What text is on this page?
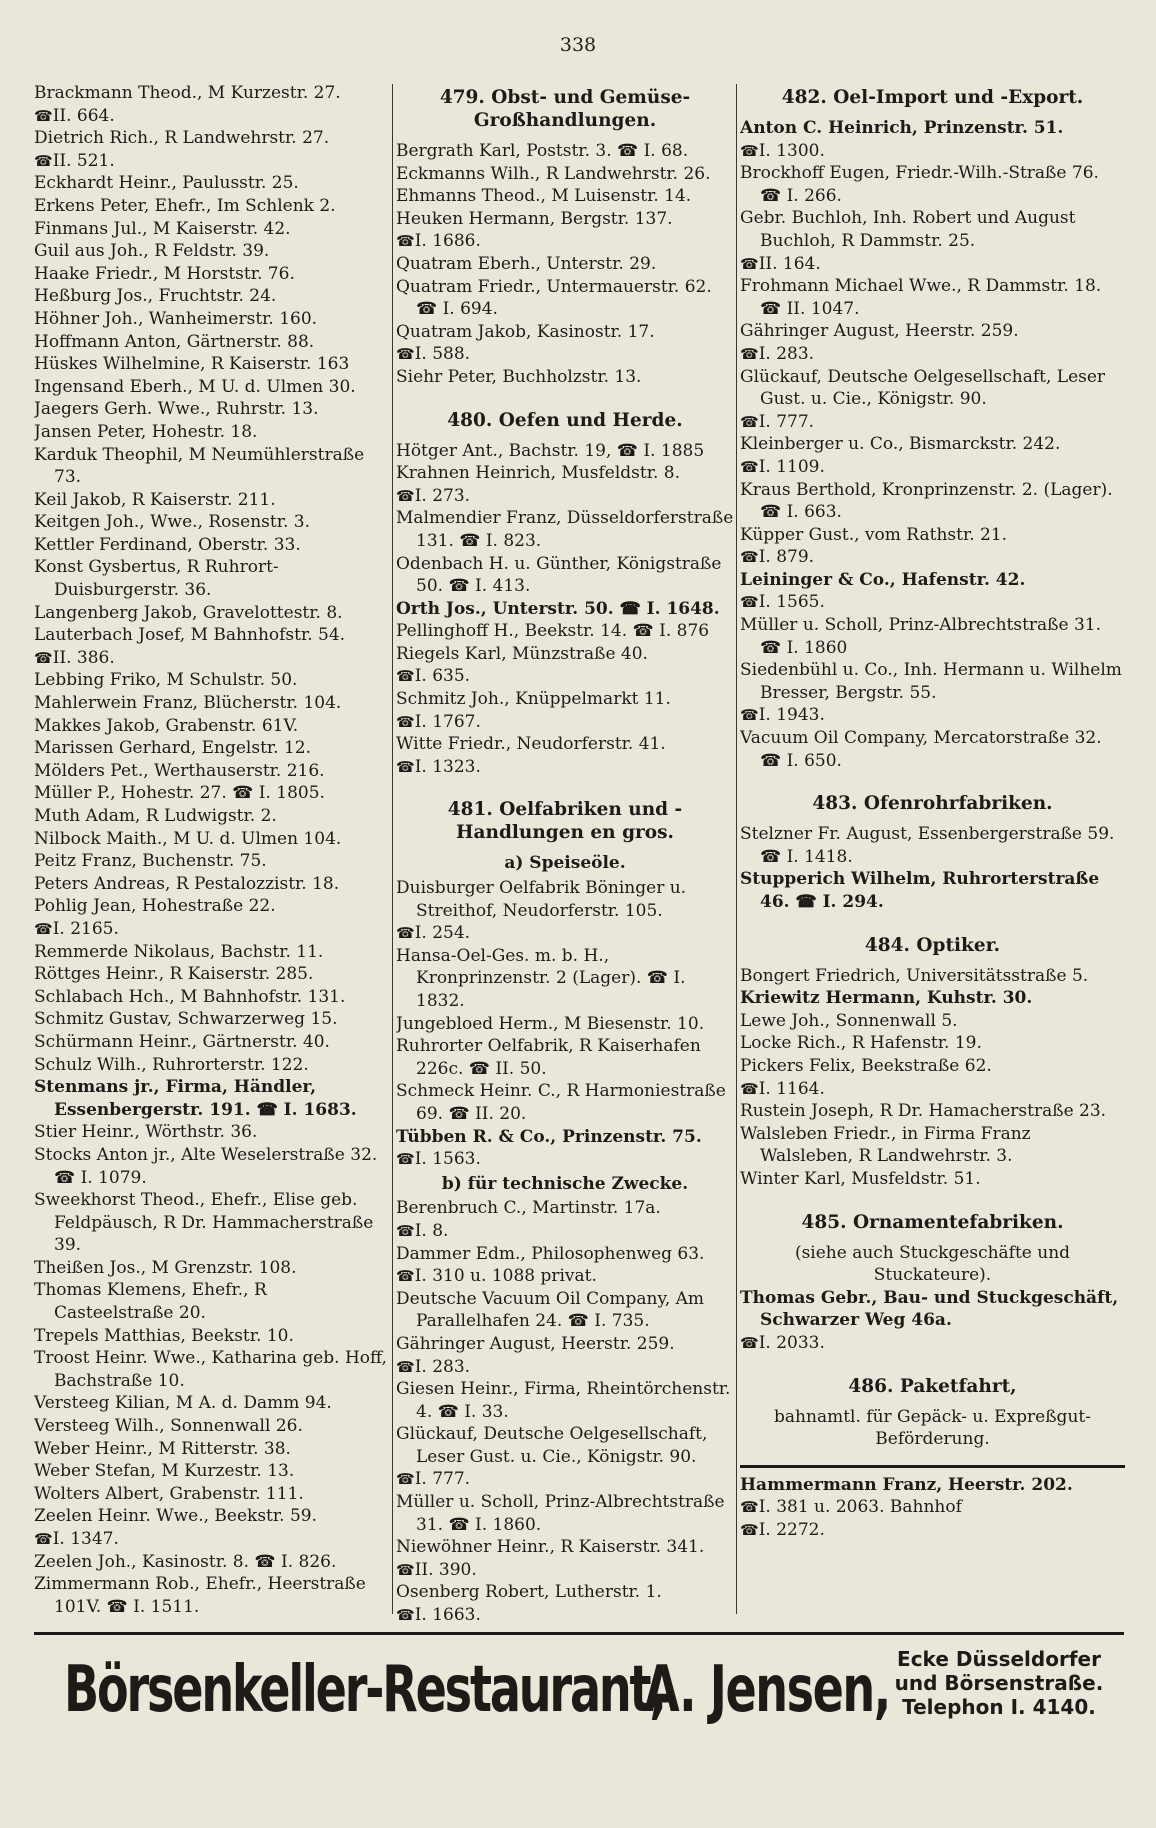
338
Brackmann Theod., M Kurzestr. 27.
☎ II. 664.
Dietrich Rich., R Landwehrstr. 27.
☎ II. 521.
Eckhardt Heinr., Paulusstr. 25.
Erkens Peter, Ehefr., Im Schlenk 2.
Finmans Jul., M Kaiserstr. 42.
Guil aus Joh., R Feldstr. 39.
Haake Friedr., M Horststr. 76.
Heßburg Jos., Fruchtstr. 24.
Höhner Joh., Wanheimerstr. 160.
Hoffmann Anton, Gärtnerstr. 88.
Hüskes Wilhelmine, R Kaiserstr. 163
Ingensand Eberh., M U. d. Ulmen 30.
Jaegers Gerh. Wwe., Ruhrstr. 13.
Jansen Peter, Hohestr. 18.
Karduk Theophil, M Neumühlerstraße 73.
Keil Jakob, R Kaiserstr. 211.
Keitgen Joh., Wwe., Rosenstr. 3.
Kettler Ferdinand, Oberstr. 33.
Konst Gysbertus, R Ruhrort-Duisburgerstr. 36.
Langenberg Jakob, Gravelottestr. 8.
Lauterbach Josef, M Bahnhofstr. 54.
☎ II. 386.
Lebbing Friko, M Schulstr. 50.
Mahlerwein Franz, Blücherstr. 104.
Makkes Jakob, Grabenstr. 61V.
Marissen Gerhard, Engelstr. 12.
Mölders Pet., Werthauserstr. 216.
Müller P., Hohestr. 27. ☎ I. 1805.
Muth Adam, R Ludwigstr. 2.
Nilbock Maith., M U. d. Ulmen 104.
Peitz Franz, Buchenstr. 75.
Peters Andreas, R Pestalozzistr. 18.
Pohlig Jean, Hohestraße 22.
☎ I. 2165.
Remmerde Nikolaus, Bachstr. 11.
Röttges Heinr., R Kaiserstr. 285.
Schlabach Hch., M Bahnhofstr. 131.
Schmitz Gustav, Schwarzerweg 15.
Schürmann Heinr., Gärtnerstr. 40.
Schulz Wilh., Ruhrorterstr. 122.
Stenmans jr., Firma, Händler, Essenbergerstr. 191. ☎ I. 1683.
Stier Heinr., Wörthstr. 36.
Stocks Anton jr., Alte Weselerstraße 32. ☎ I. 1079.
Sweekhorst Theod., Ehefr., Elise geb. Feldpäusch, R Dr. Hammacherstraße 39.
Theißen Jos., M Grenzstr. 108.
Thomas Klemens, Ehefr., R Casteelstraße 20.
Trepels Matthias, Beekstr. 10.
Troost Heinr. Wwe., Katharina geb. Hoff, Bachstraße 10.
Versteeg Kilian, M A. d. Damm 94.
Versteeg Wilh., Sonnenwall 26.
Weber Heinr., M Ritterstr. 38.
Weber Stefan, M Kurzestr. 13.
Wolters Albert, Grabenstr. 111.
Zeelen Heinr. Wwe., Beekstr. 59.
☎ I. 1347.
Zeelen Joh., Kasinostr. 8. ☎ I. 826.
Zimmermann Rob., Ehefr., Heerstraße 101V. ☎ I. 1511.
479. Obst- und Gemüse-Großhandlungen.
Bergrath Karl, Poststr. 3. ☎ I. 68.
Eckmanns Wilh., R Landwehrstr. 26.
Ehmanns Theod., M Luisenstr. 14.
Heuken Hermann, Bergstr. 137.
☎ I. 1686.
Quatram Eberh., Unterstr. 29.
Quatram Friedr., Untermauerstr. 62. ☎ I. 694.
Quatram Jakob, Kasinostr. 17.
☎ I. 588.
Siehr Peter, Buchholzstr. 13.
480. Oefen und Herde.
Hötger Ant., Bachstr. 19, ☎ I. 1885
Krahnen Heinrich, Musfeldstr. 8.
☎ I. 273.
Malmendier Franz, Düsseldorferstraße 131. ☎ I. 823.
Odenbach H. u. Günther, Königstraße 50. ☎ I. 413.
Orth Jos., Unterstr. 50. ☎ I. 1648.
Pellinghoff H., Beekstr. 14. ☎ I. 876
Riegels Karl, Münzstraße 40.
☎ I. 635.
Schmitz Joh., Knüppelmarkt 11.
☎ I. 1767.
Witte Friedr., Neudorferstr. 41.
☎ I. 1323.
481. Oelfabriken und -Handlungen en gros.
a) Speiseöle.
Duisburger Oelfabrik Böninger u. Streithof, Neudorferstr. 105.
☎ I. 254.
Hansa-Oel-Ges. m. b. H., Kronprinzenstr. 2 (Lager). ☎ I. 1832.
Jungebloed Herm., M Biesenstr. 10.
Ruhrorter Oelfabrik, R Kaiserhafen 226c. ☎ II. 50.
Schmeck Heinr. C., R Harmoniestraße 69. ☎ II. 20.
Tübben R. & Co., Prinzenstr. 75.
☎ I. 1563.
b) für technische Zwecke.
Berenbruch C., Martinstr. 17a.
☎ I. 8.
Dammer Edm., Philosophenweg 63.
☎ I. 310 u. 1088 privat.
Deutsche Vacuum Oil Company, Am Parallelhafen 24. ☎ I. 735.
Gähringer August, Heerstr. 259.
☎ I. 283.
Giesen Heinr., Firma, Rheintörchenstr. 4. ☎ I. 33.
Glückauf, Deutsche Oelgesellschaft, Leser Gust. u. Cie., Königstr. 90.
☎ I. 777.
Müller u. Scholl, Prinz-Albrechtstraße 31. ☎ I. 1860.
Niewöhner Heinr., R Kaiserstr. 341.
☎ II. 390.
Osenberg Robert, Lutherstr. 1.
☎ I. 1663.
482. Oel-Import und -Export.
Anton C. Heinrich, Prinzenstr. 51.
☎ I. 1300.
Brockhoff Eugen, Friedr.-Wilh.-Straße 76. ☎ I. 266.
Gebr. Buchloh, Inh. Robert und August Buchloh, R Dammstr. 25.
☎ II. 164.
Frohmann Michael Wwe., R Dammstr. 18. ☎ II. 1047.
Gähringer August, Heerstr. 259.
☎ I. 283.
Glückauf, Deutsche Oelgesellschaft, Leser Gust. u. Cie., Königstr. 90.
☎ I. 777.
Kleinberger u. Co., Bismarckstr. 242.
☎ I. 1109.
Kraus Berthold, Kronprinzenstr. 2. (Lager). ☎ I. 663.
Küpper Gust., vom Rathstr. 21.
☎ I. 879.
Leininger & Co., Hafenstr. 42.
☎ I. 1565.
Müller u. Scholl, Prinz-Albrechtstraße 31. ☎ I. 1860
Siedenbühl u. Co., Inh. Hermann u. Wilhelm Bresser, Bergstr. 55.
☎ I. 1943.
Vacuum Oil Company, Mercatorstraße 32. ☎ I. 650.
483. Ofenrohrfabriken.
Stelzner Fr. August, Essenbergerstraße 59. ☎ I. 1418.
Stupperich Wilhelm, Ruhrorterstraße 46. ☎ I. 294.
484. Optiker.
Bongert Friedrich, Universitätsstraße 5.
Kriewitz Hermann, Kuhstr. 30.
Lewe Joh., Sonnenwall 5.
Locke Rich., R Hafenstr. 19.
Pickers Felix, Beekstraße 62.
☎ I. 1164.
Rustein Joseph, R Dr. Hamacherstraße 23.
Walsleben Friedr., in Firma Franz Walsleben, R Landwehrstr. 3.
Winter Karl, Musfeldstr. 51.
485. Ornamentefabriken.
(siehe auch Stuckgeschäfte und Stuckateure).
Thomas Gebr., Bau- und Stuckgeschäft, Schwarzer Weg 46a.
☎ I. 2033.
486. Paketfahrt,
bahnamtl. für Gepäck- u. Expreßgut-Beförderung.
Hammermann Franz, Heerstr. 202.
☎ I. 381 u. 2063. Bahnhof
☎ I. 2272.
Börsenkeller-Restaurant,
A. Jensen, Ecke Düsseldorfer
und Börsenstraße.
Telephon I. 4140.
